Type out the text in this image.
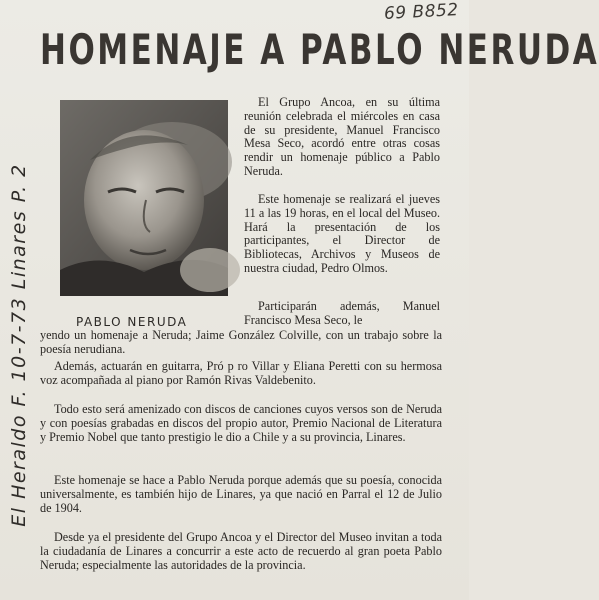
69 B852
El Heraldo F. 10-7-73 Linares P. 2
HOMENAJE A PABLO NERUDA
PABLO NERUDA

El Grupo Ancoa, en su última reunión celebrada el miércoles en casa de su presidente, Manuel Francisco Mesa Seco, acordó entre otras cosas rendir un homenaje público a Pablo Neruda.

Este homenaje se realizará el jueves 11 a las 19 horas, en el local del Museo. Hará la presentación de los participantes, el Director de Bibliotecas, Archivos y Museos de nuestra ciudad, Pedro Olmos.

Participarán además, Manuel Francisco Mesa Seco, le

yendo un homenaje a Neruda; Jaime González Colville, con un trabajo sobre la poesía nerudiana.

Además, actuarán en guitarra, Pró p ro Villar y Eliana Peretti con su hermosa voz acompañada al piano por Ramón Rivas Valdebenito.

Todo esto será amenizado con discos de canciones cuyos versos son de Neruda y con poesías grabadas en discos del propio autor, Premio Nacional de Literatura y Premio Nobel que tanto prestigio le dio a Chile y a su provincia, Linares.

Este homenaje se hace a Pablo Neruda porque además que su poesía, conocida universalmente, es también hijo de Linares, ya que nació en Parral el 12 de Julio de 1904.

Desde ya el presidente del Grupo Ancoa y el Director del Museo invitan a toda la ciudadanía de Linares a concurrir a este acto de recuerdo al gran poeta Pablo Neruda; especialmente las autoridades de la provincia.
